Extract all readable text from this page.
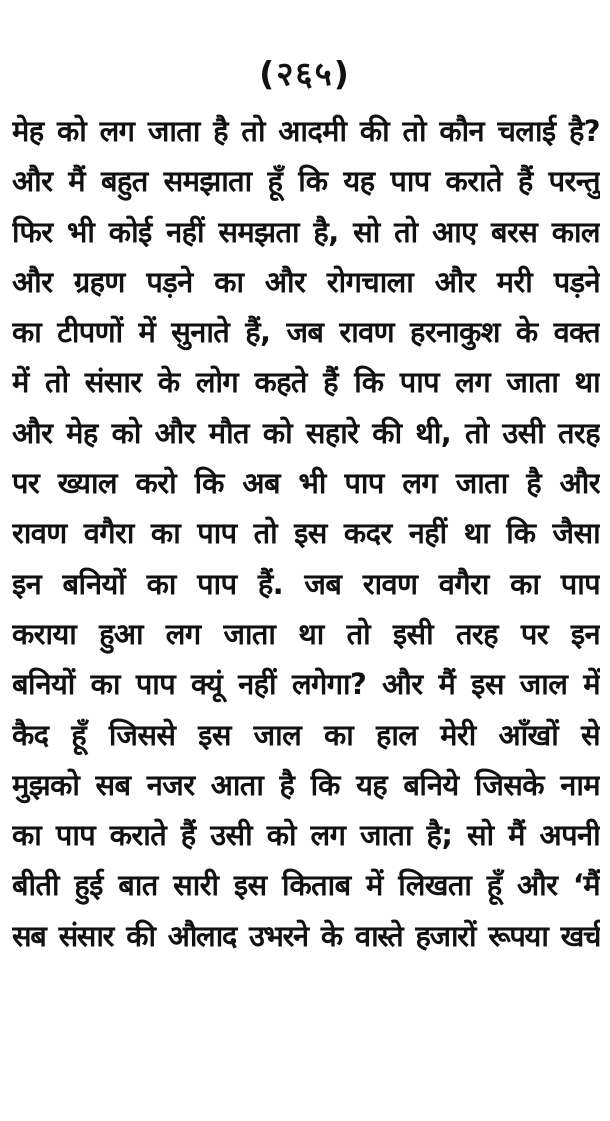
(२६५)
मेह को लग जाता है तो आदमी की तो कौन चलाई है?
और मैं बहुत समझाता हूँ कि यह पाप कराते हैं परन्तु
फिर भी कोई नहीं समझता है, सो तो आए बरस काल
और ग्रहण पड़ने का और रोगचाला और मरी पड़ने
का टीपणों में सुनाते हैं, जब रावण हरनाकुश के वक्त
में तो संसार के लोग कहते हैं कि पाप लग जाता था
और मेह को और मौत को सहारे की थी, तो उसी तरह
पर ख्याल करो कि अब भी पाप लग जाता है और
रावण वगैरा का पाप तो इस कदर नहीं था कि जैसा
इन बनियों का पाप हैं. जब रावण वगैरा का पाप
कराया हुआ लग जाता था तो इसी तरह पर इन
बनियों का पाप क्यूं नहीं लगेगा? और मैं इस जाल में
कैद हूँ जिससे इस जाल का हाल मेरी आँखों से
मुझको सब नजर आता है कि यह बनिये जिसके नाम
का पाप कराते हैं उसी को लग जाता है; सो मैं अपनी
बीती हुई बात सारी इस किताब में लिखता हूँ और ‘मैं
सब संसार की औलाद उभरने के वास्ते हजारों रूपया खर्च
